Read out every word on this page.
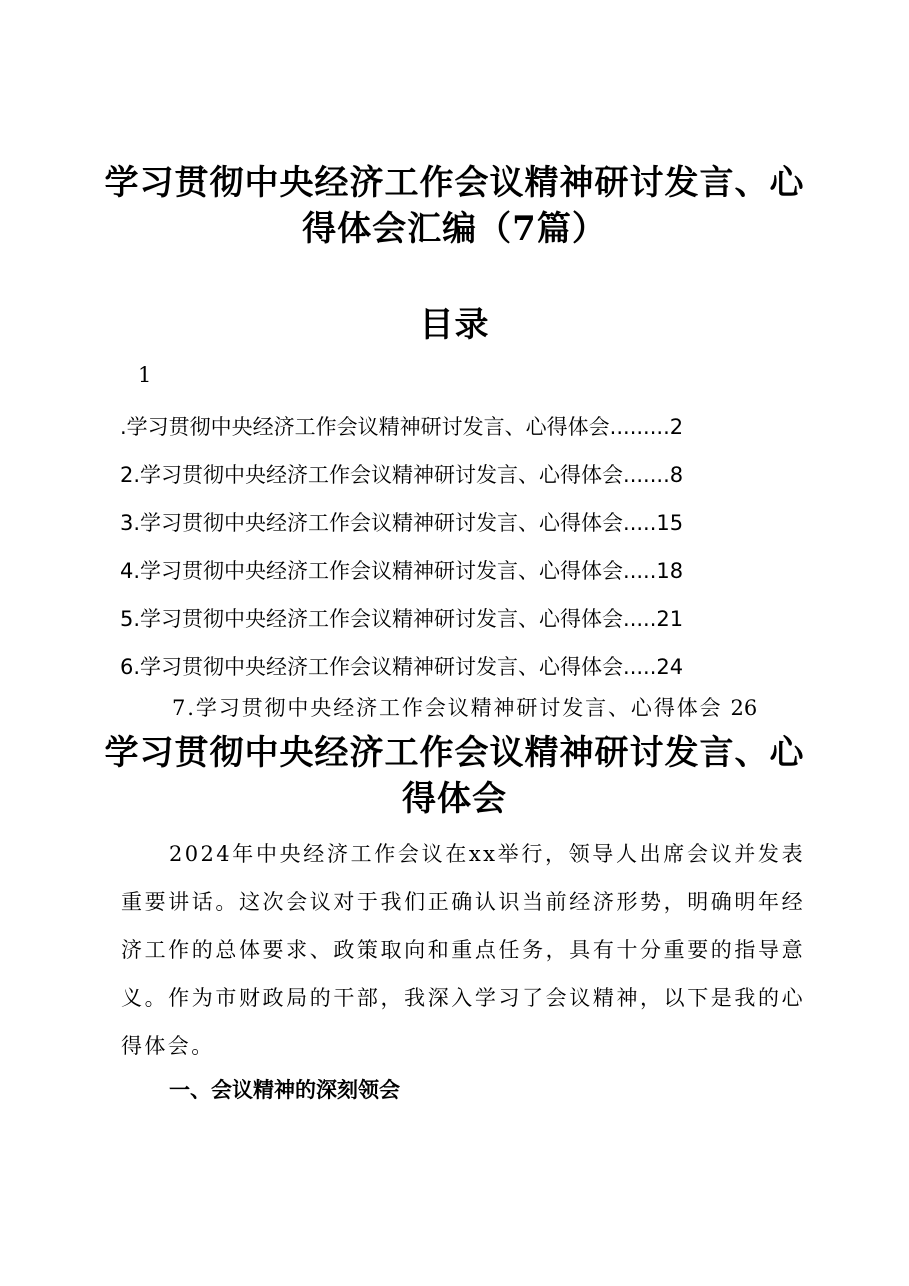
学习贯彻中央经济工作会议精神研讨发言、心得体会汇编（7篇）
目录
1
.学习贯彻中央经济工作会议精神研讨发言、心得体会.........2
2.学习贯彻中央经济工作会议精神研讨发言、心得体会.......8
3.学习贯彻中央经济工作会议精神研讨发言、心得体会.....15
4.学习贯彻中央经济工作会议精神研讨发言、心得体会.....18
5.学习贯彻中央经济工作会议精神研讨发言、心得体会.....21
6.学习贯彻中央经济工作会议精神研讨发言、心得体会.....24
7.学习贯彻中央经济工作会议精神研讨发言、心得体会 26
学习贯彻中央经济工作会议精神研讨发言、心得体会

2024年中央经济工作会议在xx举行，领导人出席会议并发表重要讲话。这次会议对于我们正确认识当前经济形势，明确明年经济工作的总体要求、政策取向和重点任务，具有十分重要的指导意义。作为市财政局的干部，我深入学习了会议精神，以下是我的心得体会。

一、会议精神的深刻领会
